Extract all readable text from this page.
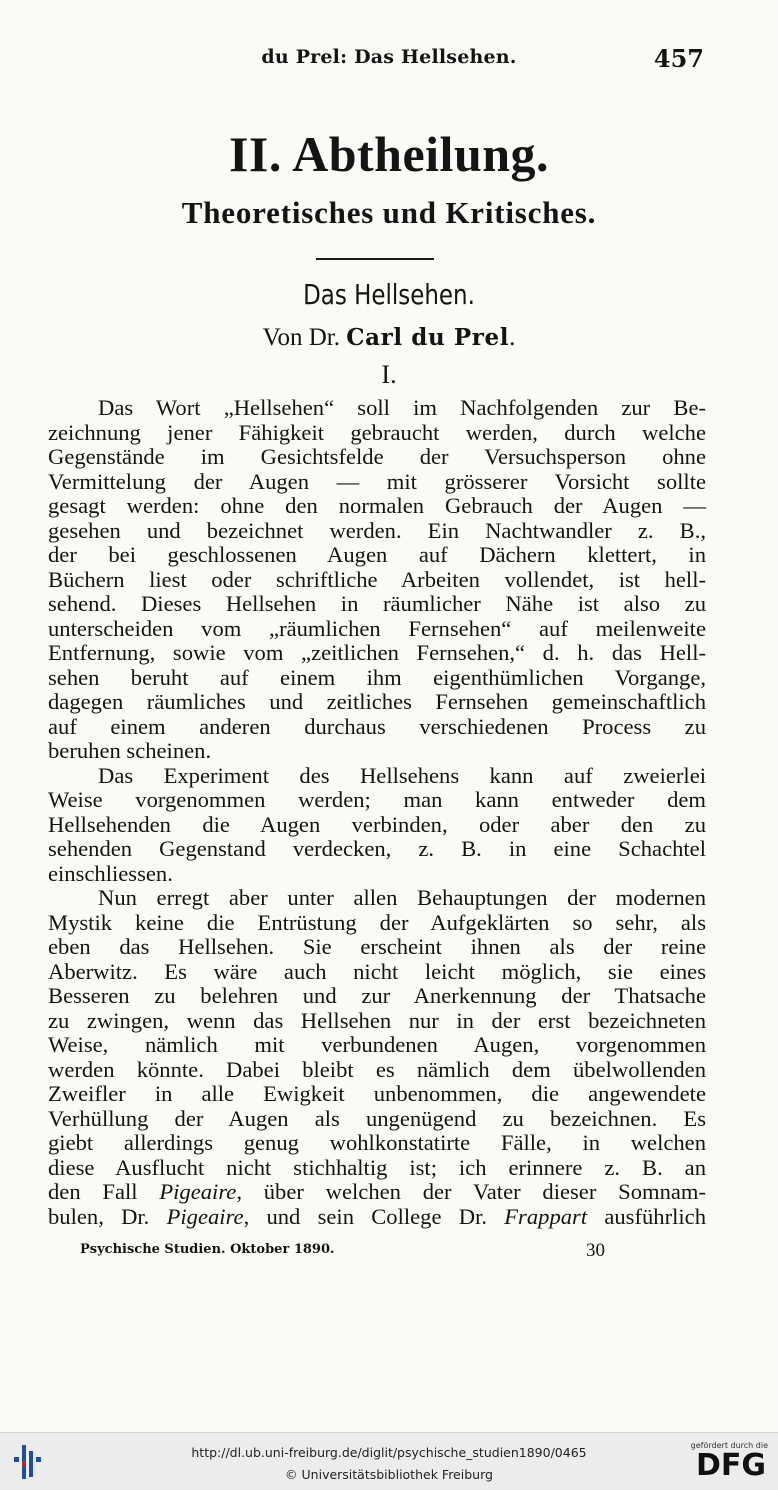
du Prel: Das Hellsehen.	457
II. Abtheilung.
Theoretisches und Kritisches.
Das Hellsehen.
Von Dr. Carl du Prel.
I.
Das Wort „Hellsehen“ soll im Nachfolgenden zur Be-
zeichnung jener Fähigkeit gebraucht werden, durch welche
Gegenstände im Gesichtsfelde der Versuchsperson ohne
Vermittelung der Augen — mit grösserer Vorsicht sollte
gesagt werden: ohne den normalen Gebrauch der Augen —
gesehen und bezeichnet werden. Ein Nachtwandler z. B.,
der bei geschlossenen Augen auf Dächern klettert, in
Büchern liest oder schriftliche Arbeiten vollendet, ist hell-
sehend. Dieses Hellsehen in räumlicher Nähe ist also zu
unterscheiden vom „räumlichen Fernsehen“ auf meilenweite
Entfernung, sowie vom „zeitlichen Fernsehen,“ d. h. das Hell-
sehen beruht auf einem ihm eigenthümlichen Vorgange,
dagegen räumliches und zeitliches Fernsehen gemeinschaftlich
auf einem anderen durchaus verschiedenen Process zu
beruhen scheinen.
Das Experiment des Hellsehens kann auf zweierlei
Weise vorgenommen werden; man kann entweder dem
Hellsehenden die Augen verbinden, oder aber den zu
sehenden Gegenstand verdecken, z. B. in eine Schachtel
einschliessen.
Nun erregt aber unter allen Behauptungen der modernen
Mystik keine die Entrüstung der Aufgeklärten so sehr, als
eben das Hellsehen. Sie erscheint ihnen als der reine
Aberwitz. Es wäre auch nicht leicht möglich, sie eines
Besseren zu belehren und zur Anerkennung der Thatsache
zu zwingen, wenn das Hellsehen nur in der erst bezeichneten
Weise, nämlich mit verbundenen Augen, vorgenommen
werden könnte. Dabei bleibt es nämlich dem übelwollenden
Zweifler in alle Ewigkeit unbenommen, die angewendete
Verhüllung der Augen als ungenügend zu bezeichnen. Es
giebt allerdings genug wohlkonstatirte Fälle, in welchen
diese Ausflucht nicht stichhaltig ist; ich erinnere z. B. an
den Fall Pigeaire, über welchen der Vater dieser Somnam-
bulen, Dr. Pigeaire, und sein College Dr. Frappart ausführlich
Psychische Studien. Oktober 1890.	30
http://dl.ub.uni-freiburg.de/diglit/psychische_studien1890/0465
© Universitätsbibliothek Freiburg
gefördert durch die
DFG
